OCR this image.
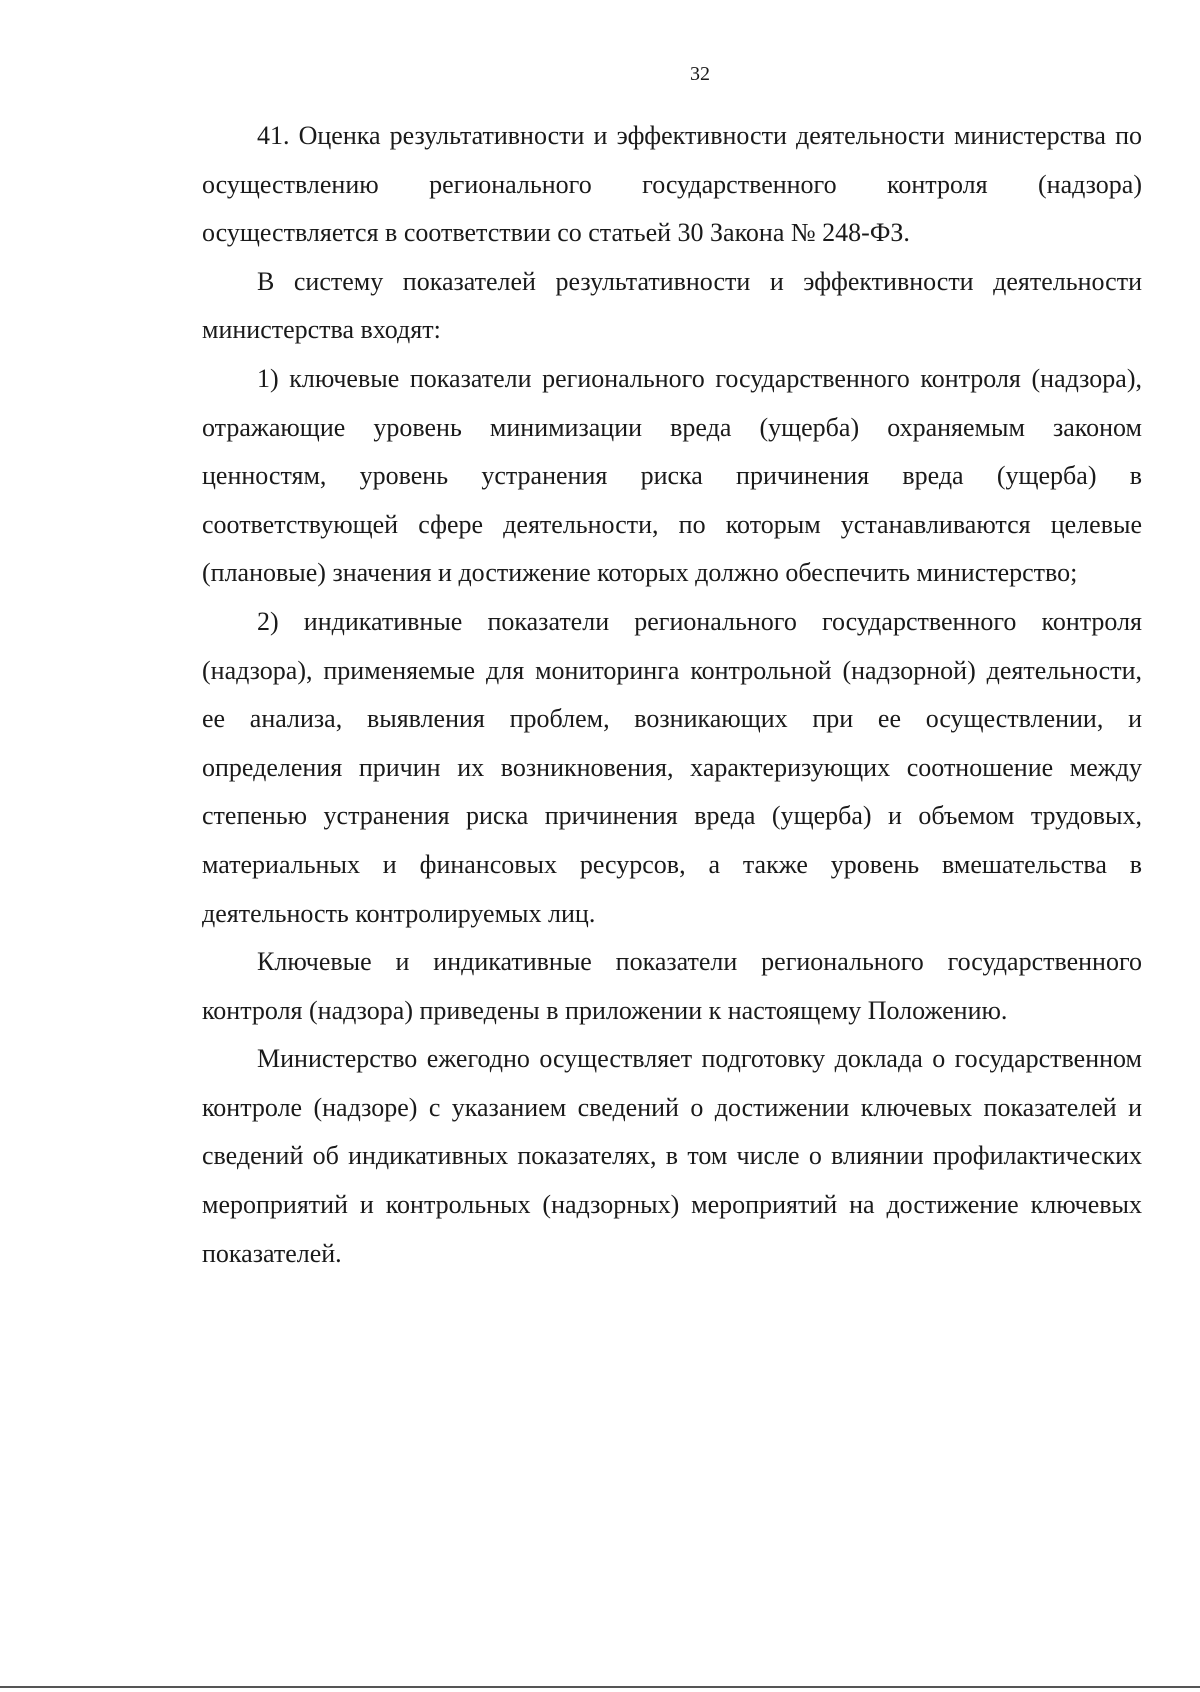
32

41. Оценка результативности и эффективности деятельности министерства по осуществлению регионального государственного контроля (надзора) осуществляется в соответствии со статьей 30 Закона № 248-ФЗ.

В систему показателей результативности и эффективности деятельности министерства входят:

1) ключевые показатели регионального государственного контроля (надзора), отражающие уровень минимизации вреда (ущерба) охраняемым законом ценностям, уровень устранения риска причинения вреда (ущерба) в соответствующей сфере деятельности, по которым устанавливаются целевые (плановые) значения и достижение которых должно обеспечить министерство;

2) индикативные показатели регионального государственного контроля (надзора), применяемые для мониторинга контрольной (надзорной) деятельности, ее анализа, выявления проблем, возникающих при ее осуществлении, и определения причин их возникновения, характеризующих соотношение между степенью устранения риска причинения вреда (ущерба) и объемом трудовых, материальных и финансовых ресурсов, а также уровень вмешательства в деятельность контролируемых лиц.

Ключевые и индикативные показатели регионального государственного контроля (надзора) приведены в приложении к настоящему Положению.

Министерство ежегодно осуществляет подготовку доклада о государственном контроле (надзоре) с указанием сведений о достижении ключевых показателей и сведений об индикативных показателях, в том числе о влиянии профилактических мероприятий и контрольных (надзорных) мероприятий на достижение ключевых показателей.
